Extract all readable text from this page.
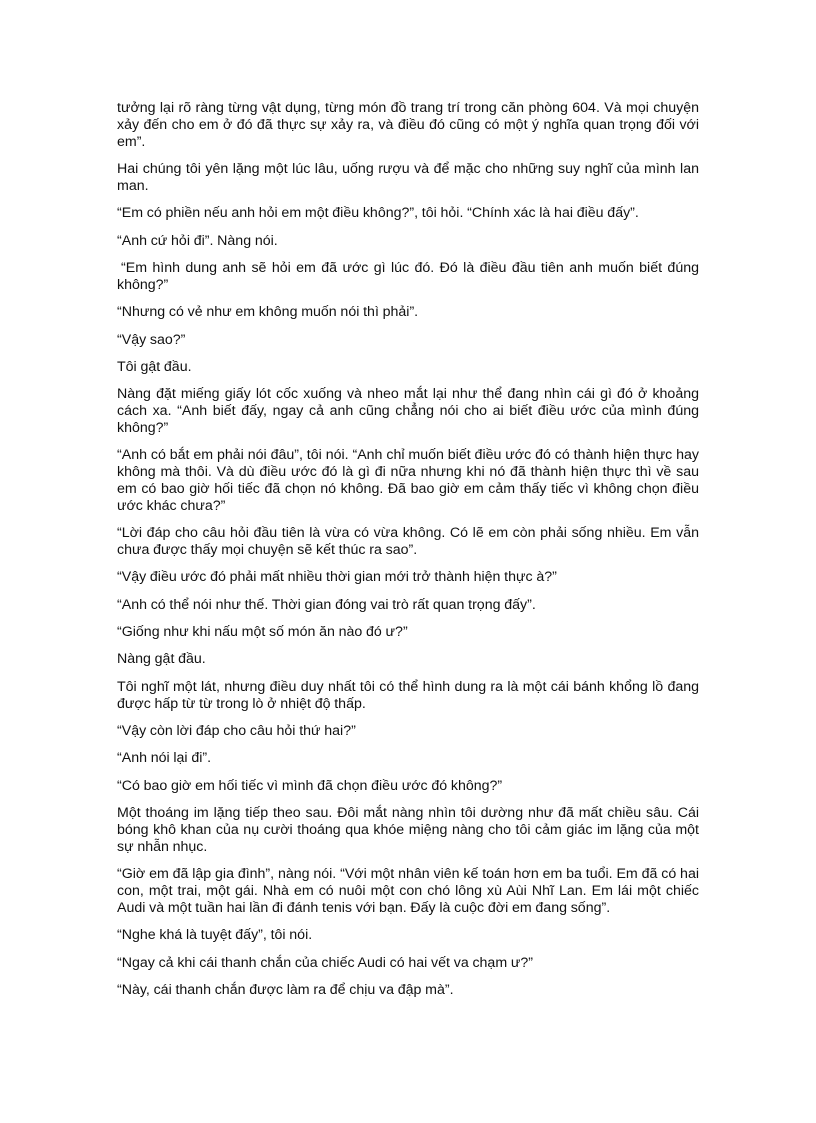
tưởng lại rõ ràng từng vật dụng, từng món đồ trang trí trong căn phòng 604. Và mọi chuyện xảy đến cho em ở đó đã thực sự xảy ra, và điều đó cũng có một ý nghĩa quan trọng đối với em”.

Hai chúng tôi yên lặng một lúc lâu, uống rượu và để mặc cho những suy nghĩ của mình lan man.

“Em có phiền nếu anh hỏi em một điều không?”, tôi hỏi. “Chính xác là hai điều đấy”.

“Anh cứ hỏi đi”. Nàng nói.

“Em hình dung anh sẽ hỏi em đã ước gì lúc đó. Đó là điều đầu tiên anh muốn biết đúng không?”

“Nhưng có vẻ như em không muốn nói thì phải”.

“Vậy sao?”

Tôi gật đầu.

Nàng đặt miếng giấy lót cốc xuống và nheo mắt lại như thể đang nhìn cái gì đó ở khoảng cách xa. “Anh biết đấy, ngay cả anh cũng chẳng nói cho ai biết điều ước của mình đúng không?”

“Anh có bắt em phải nói đâu”, tôi nói. “Anh chỉ muốn biết điều ước đó có thành hiện thực hay không mà thôi. Và dù điều ước đó là gì đi nữa nhưng khi nó đã thành hiện thực thì về sau em có bao giờ hối tiếc đã chọn nó không. Đã bao giờ em cảm thấy tiếc vì không chọn điều ước khác chưa?”

“Lời đáp cho câu hỏi đầu tiên là vừa có vừa không. Có lẽ em còn phải sống nhiều. Em vẫn chưa được thấy mọi chuyện sẽ kết thúc ra sao”.

“Vậy điều ước đó phải mất nhiều thời gian mới trở thành hiện thực à?”

“Anh có thể nói như thế. Thời gian đóng vai trò rất quan trọng đấy”.

“Giống như khi nấu một số món ăn nào đó ư?”

Nàng gật đầu.

Tôi nghĩ một lát, nhưng điều duy nhất tôi có thể hình dung ra là một cái bánh khổng lồ đang được hấp từ từ trong lò ở nhiệt độ thấp.

“Vậy còn lời đáp cho câu hỏi thứ hai?”

“Anh nói lại đi”.

“Có bao giờ em hối tiếc vì mình đã chọn điều ước đó không?”

Một thoáng im lặng tiếp theo sau. Đôi mắt nàng nhìn tôi dường như đã mất chiều sâu. Cái bóng khô khan của nụ cười thoáng qua khóe miệng nàng cho tôi cảm giác im lặng của một sự nhẫn nhục.

“Giờ em đã lập gia đình”, nàng nói. “Với một nhân viên kế toán hơn em ba tuổi. Em đã có hai con, một trai, một gái. Nhà em có nuôi một con chó lông xù Aùi Nhĩ Lan. Em lái một chiếc Audi và một tuần hai lần đi đánh tenis với bạn. Đấy là cuộc đời em đang sống”.

“Nghe khá là tuyệt đấy”, tôi nói.

“Ngay cả khi cái thanh chắn của chiếc Audi có hai vết va chạm ư?”

“Này, cái thanh chắn được làm ra để chịu va đập mà”.
